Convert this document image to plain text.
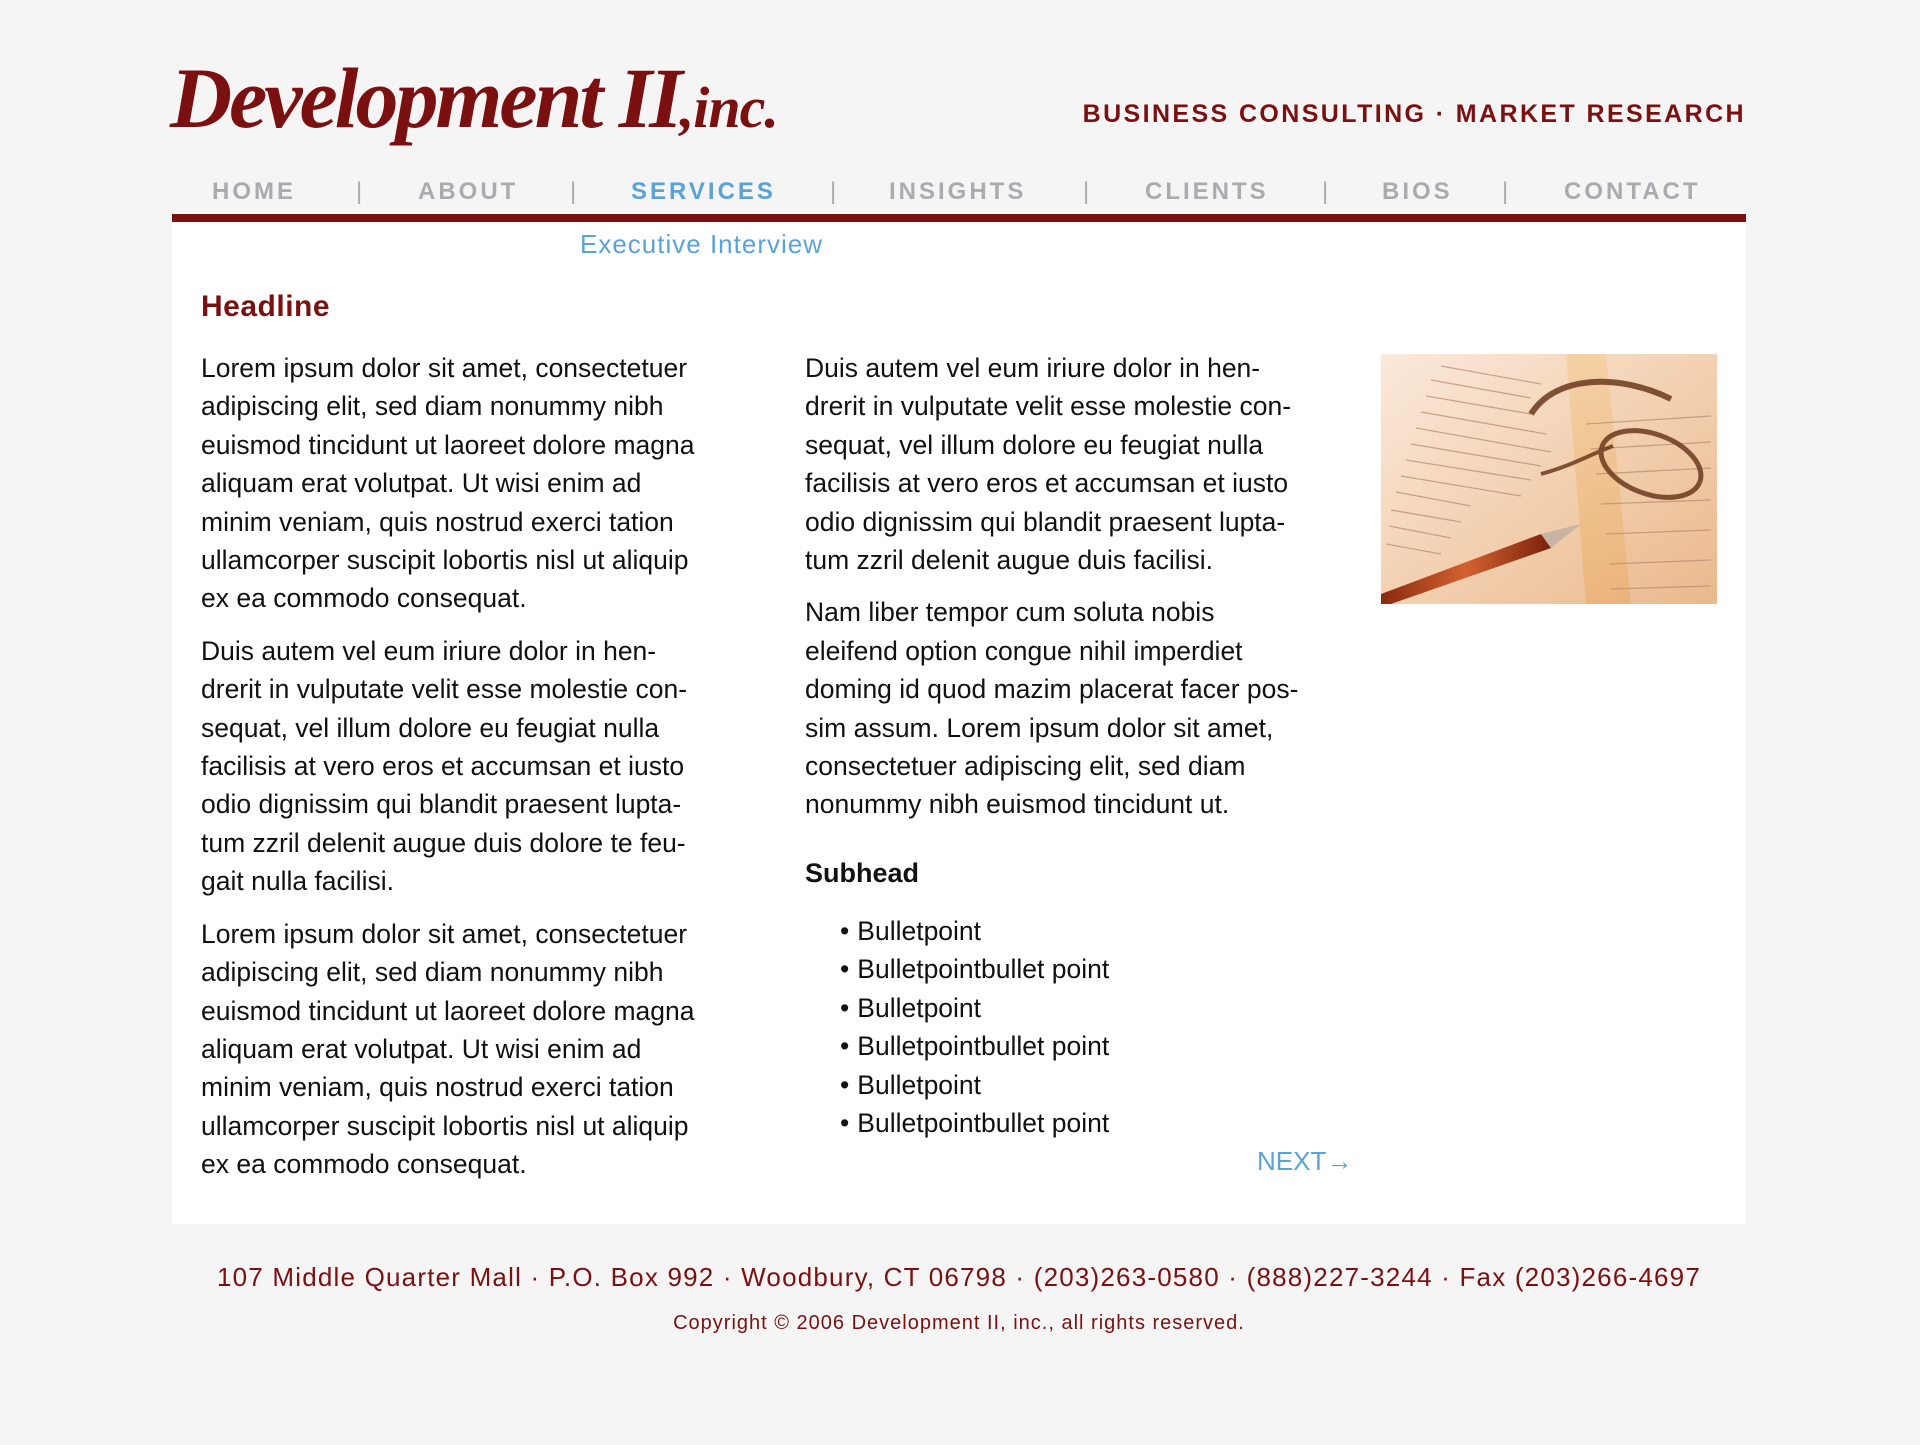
Development II,inc.	BUSINESS CONSULTING · MARKET RESEARCH
HOME	| ABOUT | SERVICES | INSIGHTS | CLIENTS | BIOS | CONTACT
Executive Interview
Headline

Lorem ipsum dolor sit amet, consectetuer
adipiscing elit, sed diam nonummy nibh
euismod tincidunt ut laoreet dolore magna
aliquam erat volutpat. Ut wisi enim ad
minim veniam, quis nostrud exerci tation
ullamcorper suscipit lobortis nisl ut aliquip
ex ea commodo consequat.

Duis autem vel eum iriure dolor in hen-
drerit in vulputate velit esse molestie con-
sequat, vel illum dolore eu feugiat nulla
facilisis at vero eros et accumsan et iusto
odio dignissim qui blandit praesent lupta-
tum zzril delenit augue duis dolore te feu-
gait nulla facilisi.

Lorem ipsum dolor sit amet, consectetuer
adipiscing elit, sed diam nonummy nibh
euismod tincidunt ut laoreet dolore magna
aliquam erat volutpat. Ut wisi enim ad
minim veniam, quis nostrud exerci tation
ullamcorper suscipit lobortis nisl ut aliquip
ex ea commodo consequat.

Duis autem vel eum iriure dolor in hen-
drerit in vulputate velit esse molestie con-
sequat, vel illum dolore eu feugiat nulla
facilisis at vero eros et accumsan et iusto
odio dignissim qui blandit praesent lupta-
tum zzril delenit augue duis facilisi.

Nam liber tempor cum soluta nobis
eleifend option congue nihil imperdiet
doming id quod mazim placerat facer pos-
sim assum. Lorem ipsum dolor sit amet,
consectetuer adipiscing elit, sed diam
nonummy nibh euismod tincidunt ut.

Subhead
• Bulletpoint
• Bulletpointbullet point
• Bulletpoint
• Bulletpointbullet point
• Bulletpoint
• Bulletpointbullet point
NEXT→
107 Middle Quarter Mall · P.O. Box 992 · Woodbury, CT 06798 · (203)263-0580 · (888)227-3244 · Fax (203)266-4697
Copyright © 2006 Development II, inc., all rights reserved.
